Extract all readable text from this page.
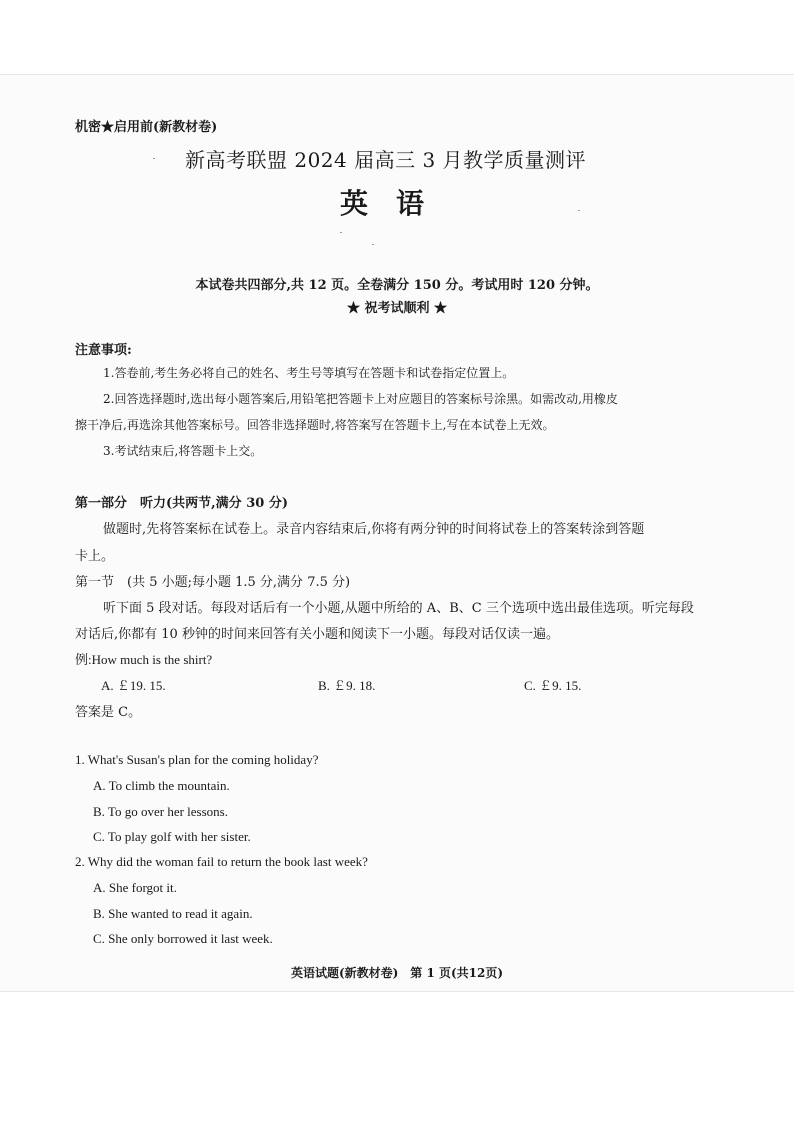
机密★启用前(新教材卷)
新高考联盟 2024 届高三 3 月教学质量测评
英语
本试卷共四部分,共 12 页。全卷满分 150 分。考试用时 120 分钟。
★ 祝考试顺利 ★
注意事项:
1.答卷前,考生务必将自己的姓名、考生号等填写在答题卡和试卷指定位置上。
2.回答选择题时,选出每小题答案后,用铅笔把答题卡上对应题目的答案标号涂黑。如需改动,用橡皮
擦干净后,再选涂其他答案标号。回答非选择题时,将答案写在答题卡上,写在本试卷上无效。
3.考试结束后,将答题卡上交。
第一部分　听力(共两节,满分 30 分)
做题时,先将答案标在试卷上。录音内容结束后,你将有两分钟的时间将试卷上的答案转涂到答题
卡上。
第一节　(共 5 小题;每小题 1.5 分,满分 7.5 分)
听下面 5 段对话。每段对话后有一个小题,从题中所给的 A、B、C 三个选项中选出最佳选项。听完每段
对话后,你都有 10 秒钟的时间来回答有关小题和阅读下一小题。每段对话仅读一遍。
例:How much is the shirt?
A. ￡19. 15.	B. ￡9. 18.	C. ￡9. 15.
答案是 C。
1. What's Susan's plan for the coming holiday?
A. To climb the mountain.
B. To go over her lessons.
C. To play golf with her sister.
2. Why did the woman fail to return the book last week?
A. She forgot it.
B. She wanted to read it again.
C. She only borrowed it last week.
英语试题(新教材卷)　第 1 页(共12页)
